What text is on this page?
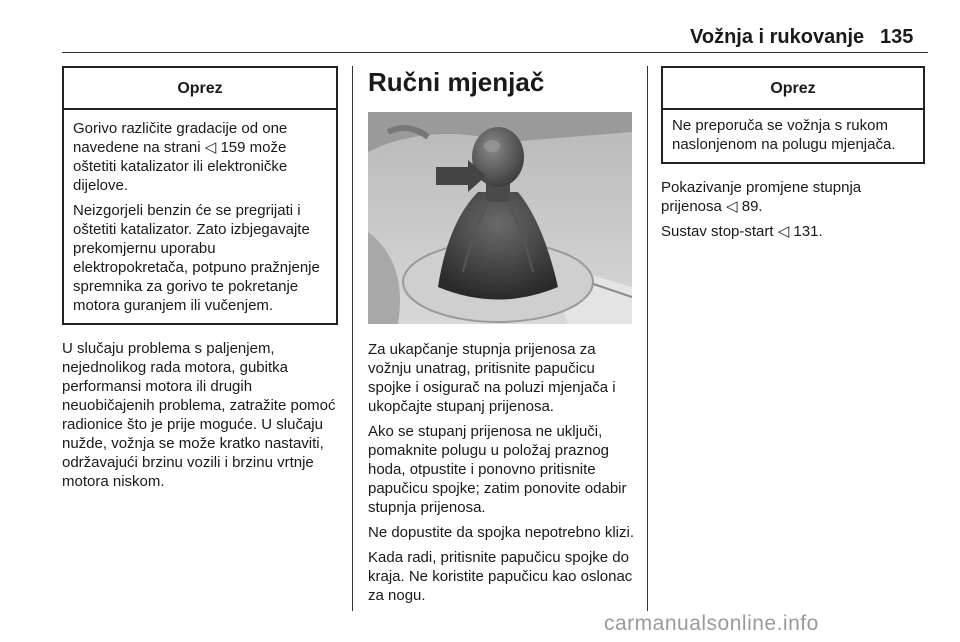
Vožnja i rukovanje 135
Oprez

Gorivo različite gradacije od one navedene na strani ◁ 159 može oštetiti katalizator ili elektroničke dijelove.

Neizgorjeli benzin će se pregrijati i oštetiti katalizator. Zato izbjegavajte prekomjernu uporabu elektropokretača, potpuno pražnjenje spremnika za gorivo te pokretanje motora guranjem ili vučenjem.

U slučaju problema s paljenjem, nejednolikog rada motora, gubitka performansi motora ili drugih neuobičajenih problema, zatražite pomoć radionice što je prije moguće. U slučaju nužde, vožnja se može kratko nastaviti, održavajući brzinu vozili i brzinu vrtnje motora niskom.

Ručni mjenjač

Za ukapčanje stupnja prijenosa za vožnju unatrag, pritisnite papučicu spojke i osigurač na poluzi mjenjača i ukopčajte stupanj prijenosa.

Ako se stupanj prijenosa ne uključi, pomaknite polugu u položaj praznog hoda, otpustite i ponovno pritisnite papučicu spojke; zatim ponovite odabir stupnja prijenosa.

Ne dopustite da spojka nepotrebno klizi.

Kada radi, pritisnite papučicu spojke do kraja. Ne koristite papučicu kao oslonac za nogu.

Oprez

Ne preporuča se vožnja s rukom naslonjenom na polugu mjenjača.

Pokazivanje promjene stupnja prijenosa ◁ 89.

Sustav stop-start ◁ 131.

carmanualsonline.info
